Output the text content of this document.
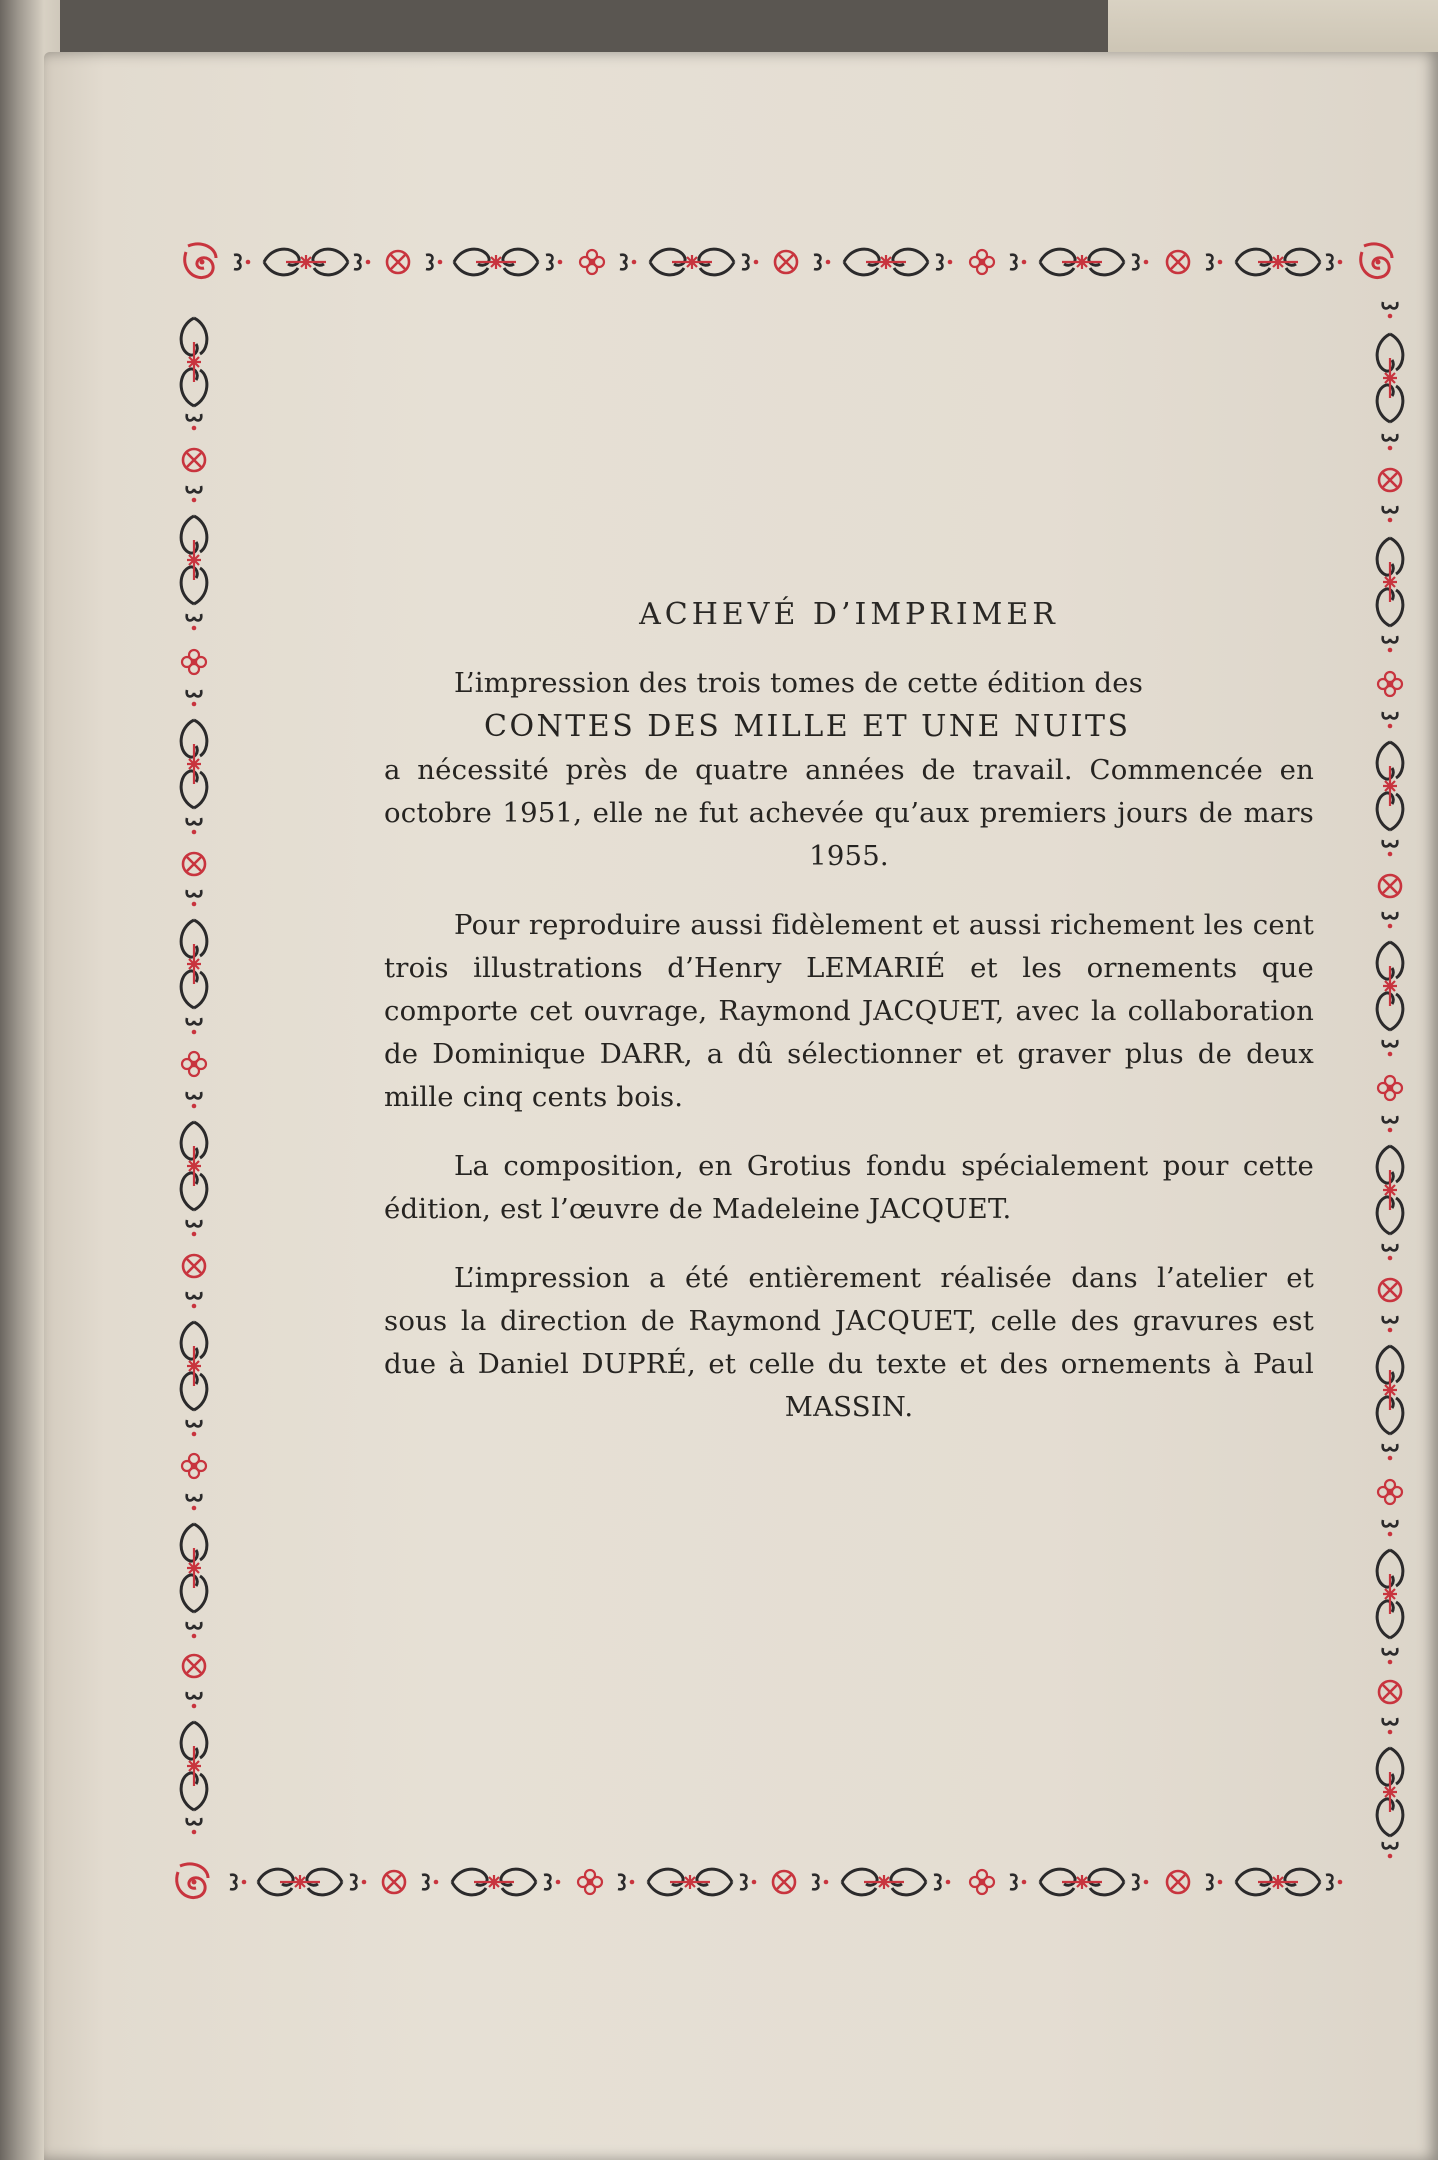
ACHEVÉ D’IMPRIMER

L’impression des trois tomes de cette édition des
CONTES DES MILLE ET UNE NUITS
a nécessité près de quatre années de travail. Commencée en octobre 1951, elle ne fut achevée qu’aux premiers jours de mars 1955.

Pour reproduire aussi fidèlement et aussi richement les cent trois illustrations d’Henry LEMARIÉ et les ornements que comporte cet ouvrage, Raymond JACQUET, avec la collaboration de Dominique DARR, a dû sélectionner et graver plus de deux mille cinq cents bois.

La composition, en Grotius fondu spécialement pour cette édition, est l’œuvre de Madeleine JACQUET.

L’impression a été entièrement réalisée dans l’atelier et sous la direction de Raymond JACQUET, celle des gravures est due à Daniel DUPRÉ, et celle du texte et des ornements à Paul MASSIN.
